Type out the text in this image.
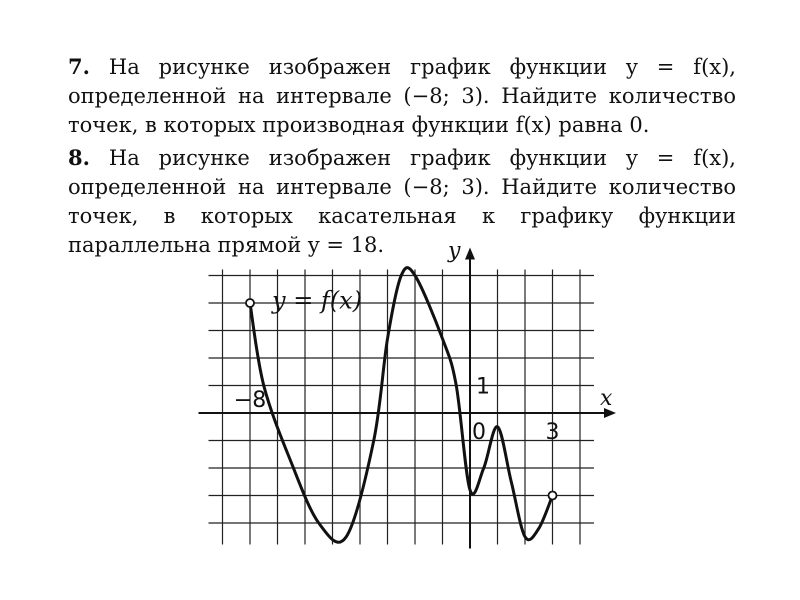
7. На рисунке изображен график функции y = f(x), определенной на интервале (−8; 3). Найдите количество точек, в которых производная функции f(x) равна 0.
8. На рисунке изображен график функции y = f(x), определенной на интервале (−8; 3). Найдите количество точек, в которых касательная к графику функции параллельна прямой y = 18.
y = f(x)
x
y
0
−8
3
1
